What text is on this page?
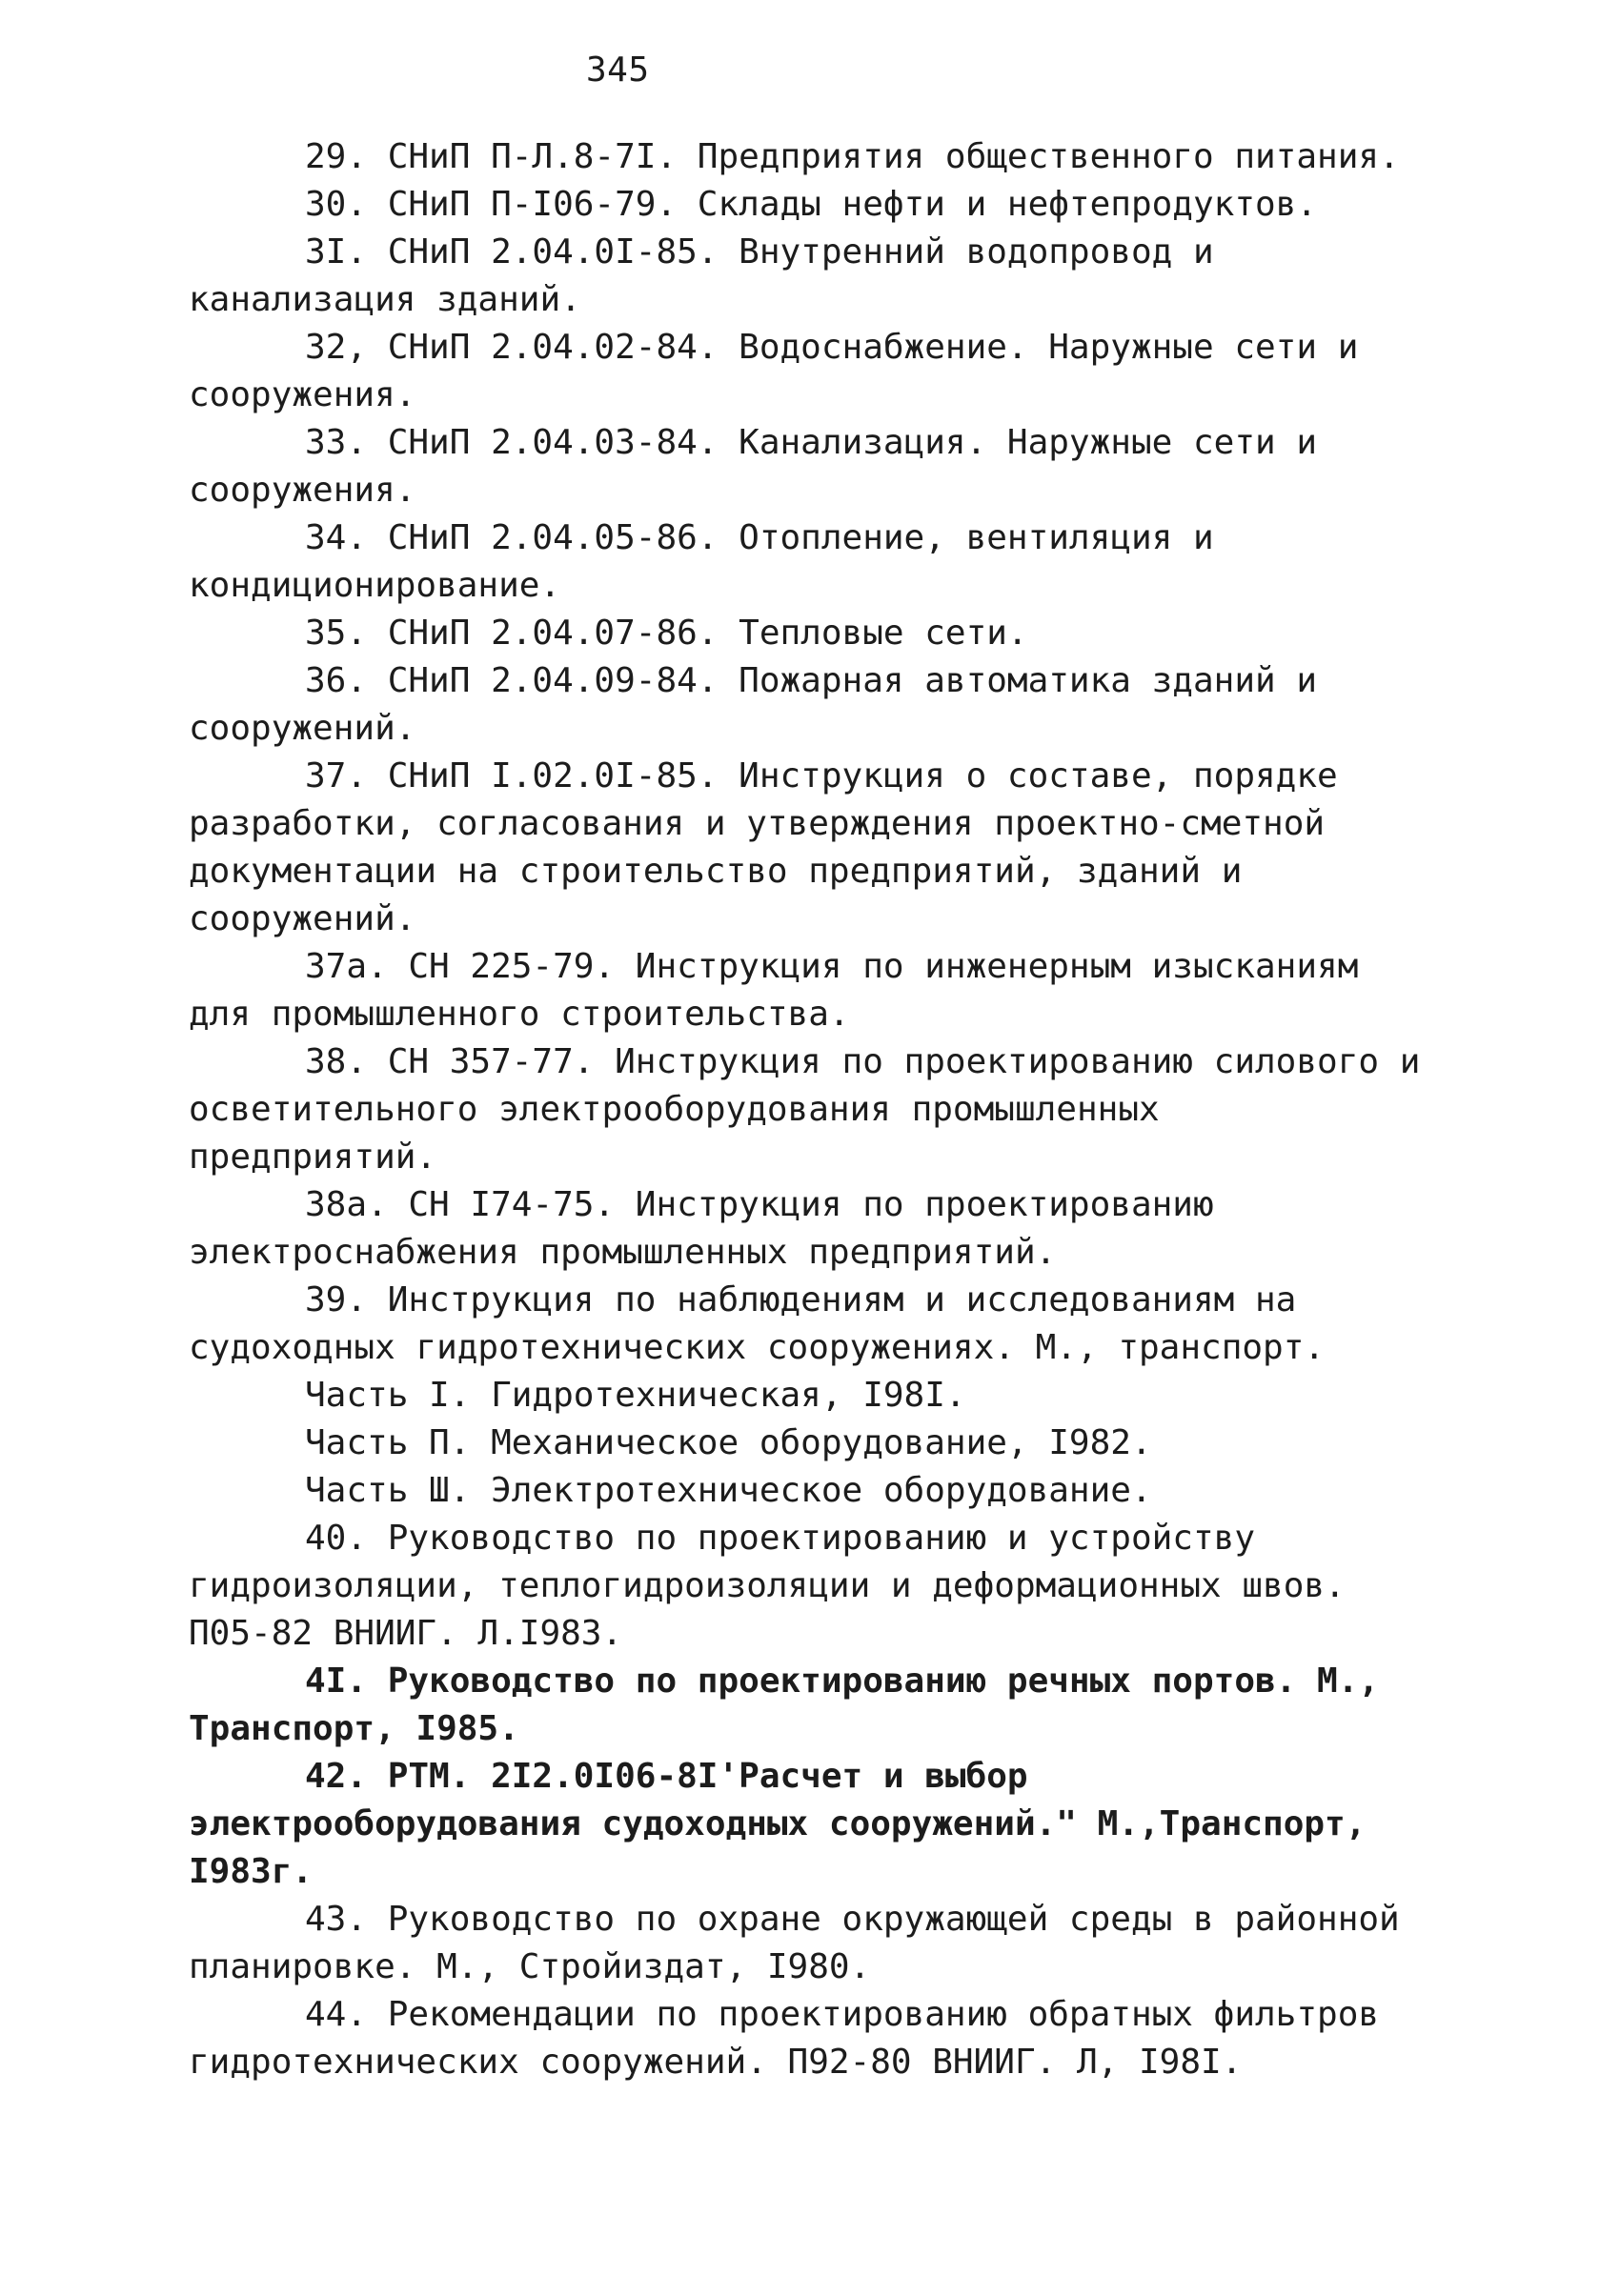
345

29. СНиП П-Л.8-7I. Предприятия общественного питания.

30. СНиП П-I06-79. Склады нефти и нефтепродуктов.

3I. СНиП 2.04.0I-85. Внутренний водопровод и канализация зданий.

32, СНиП 2.04.02-84. Водоснабжение. Наружные сети и сооружения.

33. СНиП 2.04.03-84. Канализация. Наружные сети и сооружения.

34. СНиП 2.04.05-86. Отопление, вентиляция и кондиционирование.

35. СНиП 2.04.07-86. Тепловые сети.

36. СНиП 2.04.09-84. Пожарная автоматика зданий и сооружений.

37. СНиП I.02.0I-85. Инструкция о составе, порядке разработки, согласования и утверждения проектно-сметной документации на строительство предприятий, зданий и сооружений.

37а. СН 225-79. Инструкция по инженерным изысканиям для промышленного строительства.

38. СН 357-77. Инструкция по проектированию силового и осветительного электрооборудования промышленных предприятий.

38а. СН I74-75. Инструкция по проектированию электроснабжения промышленных предприятий.

39. Инструкция по наблюдениям и исследованиям на судоходных гидротехнических сооружениях. М., транспорт.

Часть I. Гидротехническая, I98I.

Часть П. Механическое оборудование, I982.

Часть Ш. Электротехническое оборудование.

40. Руководство по проектированию и устройству гидроизоляции, теплогидроизоляции и деформационных швов. П05-82 ВНИИГ. Л.I983.

4I. Руководство по проектированию речных портов. М., Транспорт, I985.

42. РТМ. 2I2.0I06-8I'Расчет и выбор электрооборудования судоходных сооружений." М.,Транспорт, I983г.

43. Руководство по охране окружающей среды в районной планировке. М., Стройиздат, I980.

44. Рекомендации по проектированию обратных фильтров гидротехнических сооружений. П92-80 ВНИИГ. Л, I98I.
